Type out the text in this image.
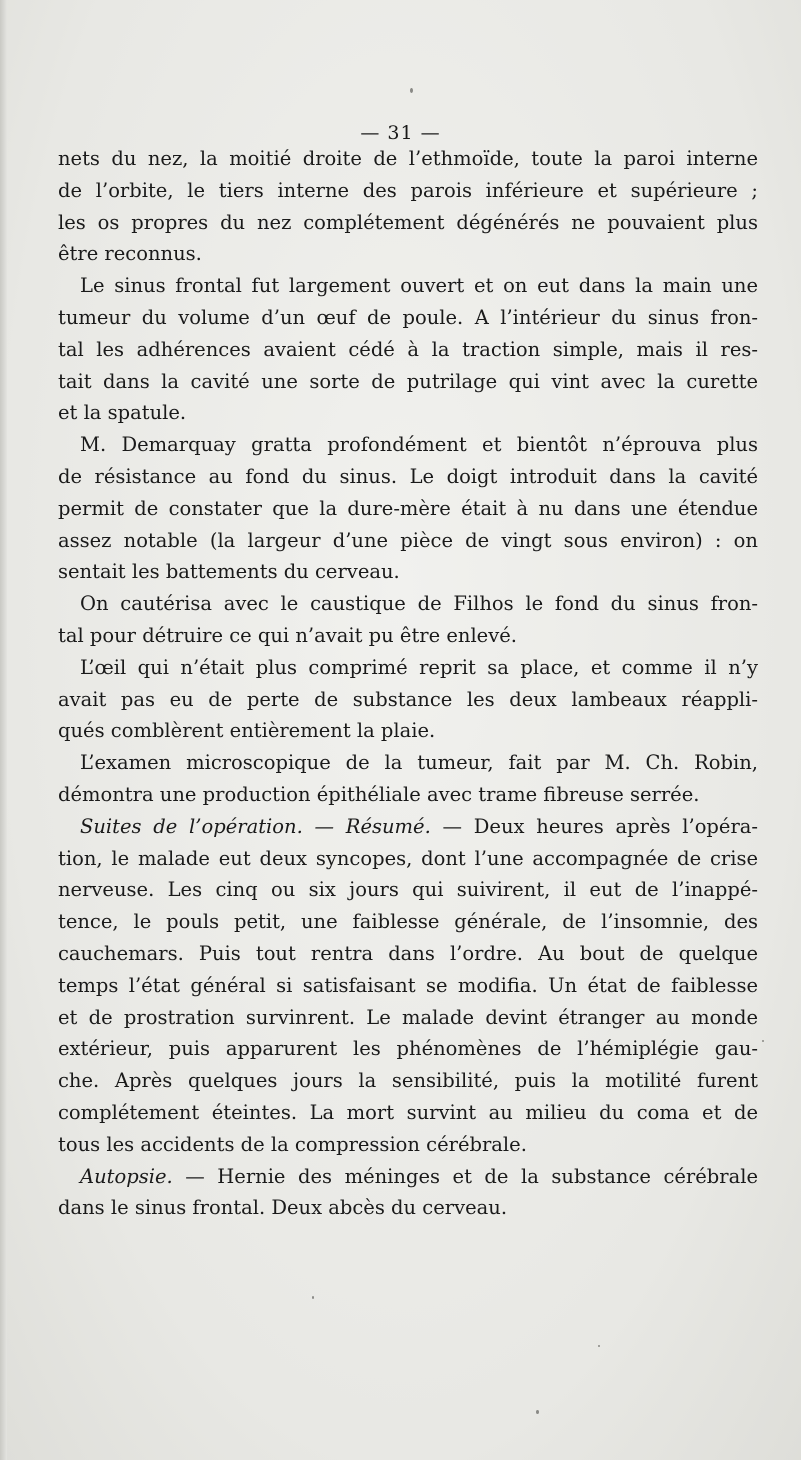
— 31 —
nets du nez, la moitié droite de l’ethmoïde, toute la paroi interne
de l’orbite, le tiers interne des parois inférieure et supérieure ;
les os propres du nez complétement dégénérés ne pouvaient plus
être reconnus.
Le sinus frontal fut largement ouvert et on eut dans la main une
tumeur du volume d’un œuf de poule. A l’intérieur du sinus fron-
tal les adhérences avaient cédé à la traction simple, mais il res-
tait dans la cavité une sorte de putrilage qui vint avec la curette
et la spatule.
M. Demarquay gratta profondément et bientôt n’éprouva plus
de résistance au fond du sinus. Le doigt introduit dans la cavité
permit de constater que la dure-mère était à nu dans une étendue
assez notable (la largeur d’une pièce de vingt sous environ) : on
sentait les battements du cerveau.
On cautérisa avec le caustique de Filhos le fond du sinus fron-
tal pour détruire ce qui n’avait pu être enlevé.
L’œil qui n’était plus comprimé reprit sa place, et comme il n’y
avait pas eu de perte de substance les deux lambeaux réappli-
qués comblèrent entièrement la plaie.
L’examen microscopique de la tumeur, fait par M. Ch. Robin,
démontra une production épithéliale avec trame fibreuse serrée.
Suites de l’opération. — Résumé. — Deux heures après l’opéra-
tion, le malade eut deux syncopes, dont l’une accompagnée de crise
nerveuse. Les cinq ou six jours qui suivirent, il eut de l’inappé-
tence, le pouls petit, une faiblesse générale, de l’insomnie, des
cauchemars. Puis tout rentra dans l’ordre. Au bout de quelque
temps l’état général si satisfaisant se modifia. Un état de faiblesse
et de prostration survinrent. Le malade devint étranger au monde
extérieur, puis apparurent les phénomènes de l’hémiplégie gau-
che. Après quelques jours la sensibilité, puis la motilité furent
complétement éteintes. La mort survint au milieu du coma et de
tous les accidents de la compression cérébrale.
Autopsie. — Hernie des méninges et de la substance cérébrale
dans le sinus frontal. Deux abcès du cerveau.
